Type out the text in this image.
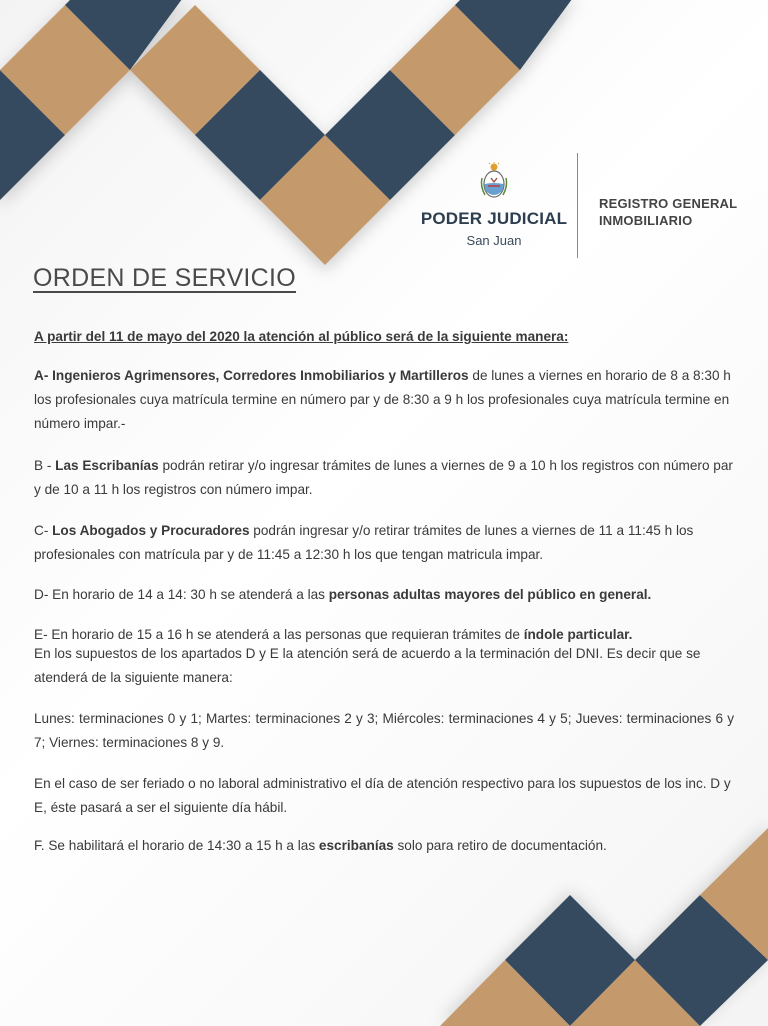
PODER JUDICIAL
San Juan
REGISTRO GENERAL
INMOBILIARIO
ORDEN DE SERVICIO
A partir del 11 de mayo del 2020 la atención al público será de la siguiente manera:
A- Ingenieros Agrimensores, Corredores Inmobiliarios y Martilleros de lunes a viernes en horario de 8 a 8:30 h los profesionales cuya matrícula termine en número par y de 8:30 a 9 h los profesionales cuya matrícula termine en número impar.-
B - Las Escribanías podrán retirar y/o ingresar trámites de lunes a viernes de 9 a 10 h los registros con número par y de 10 a 11 h los registros con número impar.
C- Los Abogados y Procuradores podrán ingresar y/o retirar trámites de lunes a viernes de 11 a 11:45 h los profesionales con matrícula par y de 11:45 a 12:30 h los que tengan matricula impar.
D- En horario de 14 a 14: 30 h se atenderá a las personas adultas mayores del público en general.
E- En horario de 15 a 16 h se atenderá a las personas que requieran trámites de índole particular.
En los supuestos de los apartados D y E la atención será de acuerdo a la terminación del DNI. Es decir que se atenderá de la siguiente manera:
Lunes: terminaciones 0 y 1; Martes: terminaciones 2 y 3; Miércoles: terminaciones 4 y 5; Jueves: terminaciones 6 y 7; Viernes: terminaciones 8 y 9.
En el caso de ser feriado o no laboral administrativo el día de atención respectivo para los supuestos de los inc. D y E, éste pasará a ser el siguiente día hábil.
F. Se habilitará el horario de 14:30 a 15 h a las escribanías solo para retiro de documentación.
